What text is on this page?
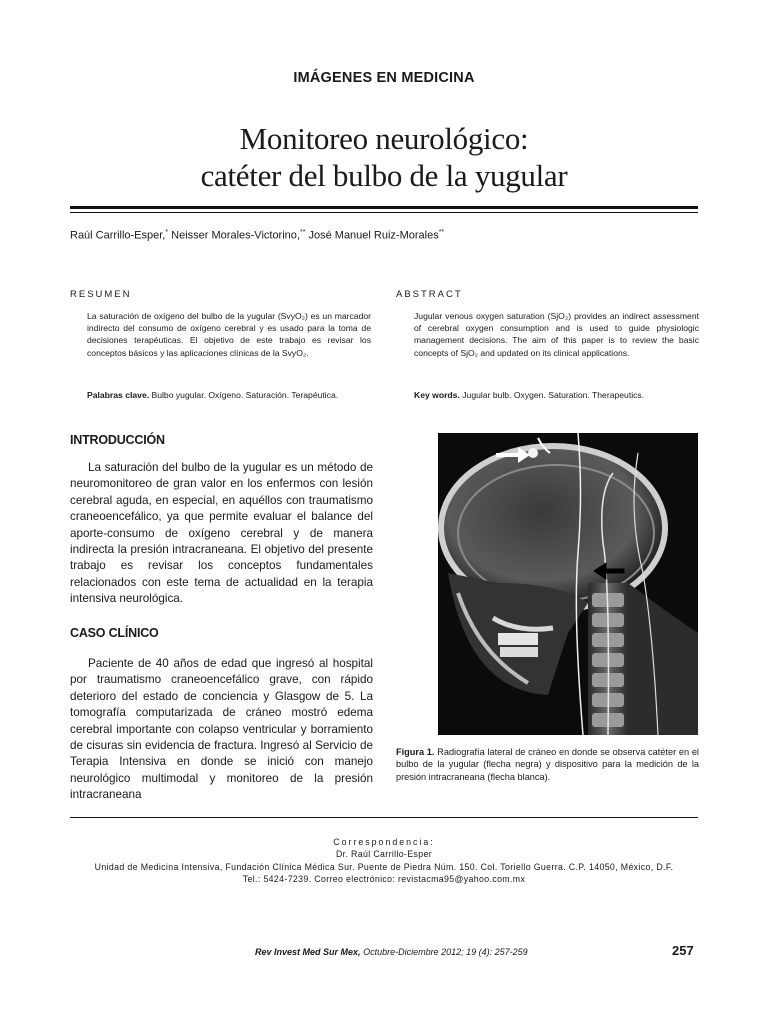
IMÁGENES EN MEDICINA
Monitoreo neurológico:
catéter del bulbo de la yugular
Raúl Carrillo-Esper,* Neisser Morales-Victorino,** José Manuel Ruiz-Morales**
RESUMEN
La saturación de oxígeno del bulbo de la yugular (SvyO₂) es un marcador indirecto del consumo de oxígeno cerebral y es usado para la toma de decisiones terapéuticas. El objetivo de este trabajo es revisar los conceptos básicos y las aplicaciones clínicas de la SvyO₂.
Palabras clave. Bulbo yugular. Oxígeno. Saturación. Terapéutica.
ABSTRACT
Jugular venous oxygen saturation (SjO₂) provides an indirect assessment of cerebral oxygen consumption and is used to guide physiologic management decisions. The aim of this paper is to review the basic concepts of SjO₂ and updated on its clinical applications.
Key words. Jugular bulb. Oxygen. Saturation. Therapeutics.
INTRODUCCIÓN
La saturación del bulbo de la yugular es un método de neuromonitoreo de gran valor en los enfermos con lesión cerebral aguda, en especial, en aquéllos con traumatismo craneoencefálico, ya que permite evaluar el balance del aporte-consumo de oxígeno cerebral y de manera indirecta la presión intracraneana. El objetivo del presente trabajo es revisar los conceptos fundamentales relacionados con este tema de actualidad en la terapia intensiva neurológica.
CASO CLÍNICO
Paciente de 40 años de edad que ingresó al hospital por traumatismo craneoencefálico grave, con rápido deterioro del estado de conciencia y Glasgow de 5. La tomografía computarizada de cráneo mostró edema cerebral importante con colapso ventricular y borramiento de cisuras sin evidencia de fractura. Ingresó al Servicio de Terapia Intensiva en donde se inició con manejo neurológico multimodal y monitoreo de la presión intracraneana
Figura 1. Radiografía lateral de cráneo en donde se observa catéter en el bulbo de la yugular (flecha negra) y dispositivo para la medición de la presión intracraneana (flecha blanca).
Correspondencia:
Dr. Raúl Carrillo-Esper
Unidad de Medicina Intensiva, Fundación Clínica Médica Sur. Puente de Piedra Núm. 150. Col. Toriello Guerra. C.P. 14050, México, D.F.
Tel.: 5424-7239. Correo electrónico: revistacma95@yahoo.com.mx
Rev Invest Med Sur Mex, Octubre-Diciembre 2012; 19 (4): 257-259	257
